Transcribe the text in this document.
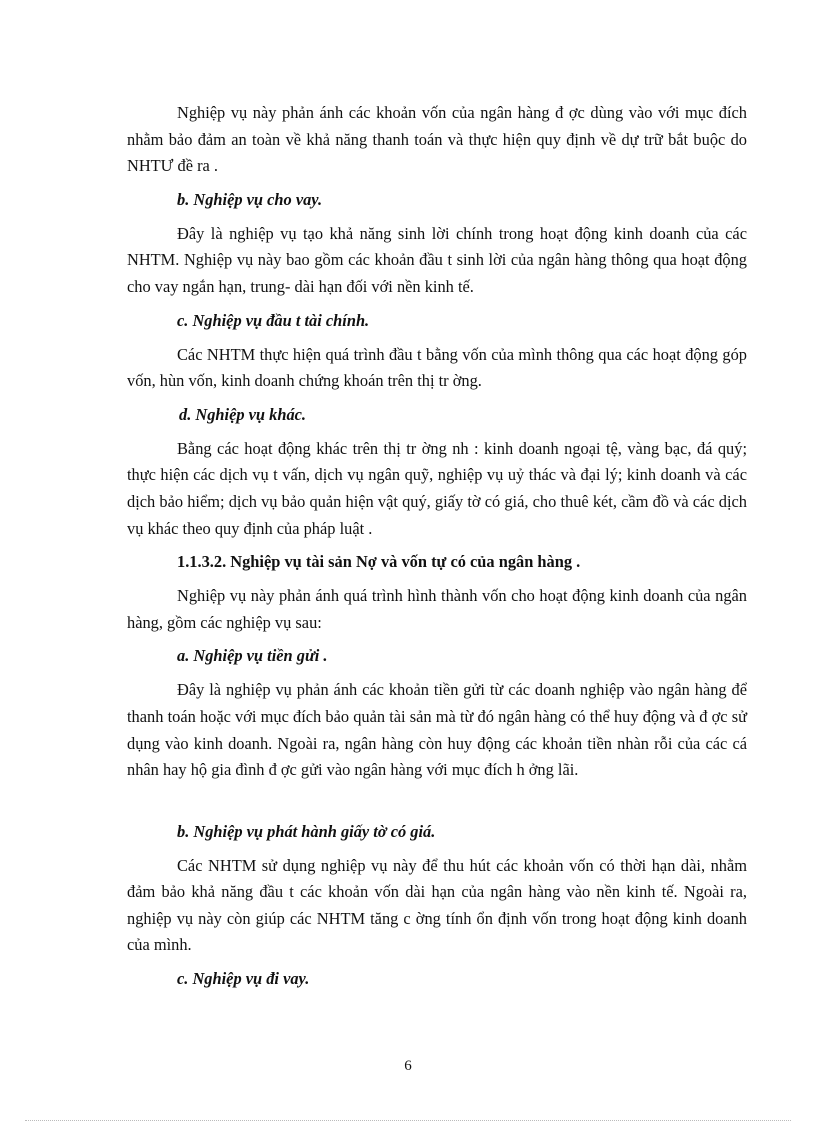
Nghiệp vụ này phản ánh các khoản vốn của ngân hàng đ ợc dùng vào với mục đích nhằm bảo đảm an toàn về khả năng thanh toán và thực hiện quy định về dự trữ bắt buộc do NHTƯ đề ra .

b. Nghiệp vụ cho vay.

Đây là nghiệp vụ tạo khả năng sinh lời chính trong hoạt động kinh doanh của các NHTM. Nghiệp vụ này bao gồm các khoản đầu t sinh lời của ngân hàng thông qua hoạt động cho vay ngắn hạn, trung- dài hạn đối với nền kinh tế.

c. Nghiệp vụ đầu t tài chính.

Các NHTM thực hiện quá trình đầu t bằng vốn của mình thông qua các hoạt động góp vốn, hùn vốn, kinh doanh chứng khoán trên thị tr ờng.

d. Nghiệp vụ khác.

Bằng các hoạt động khác trên thị tr ờng nh : kinh doanh ngoại tệ, vàng bạc, đá quý; thực hiện các dịch vụ t vấn, dịch vụ ngân quỹ, nghiệp vụ uỷ thác và đại lý; kinh doanh và các dịch bảo hiểm; dịch vụ bảo quản hiện vật quý, giấy tờ có giá, cho thuê két, cầm đồ và các dịch vụ khác theo quy định của pháp luật .

1.1.3.2. Nghiệp vụ tài sản Nợ và vốn tự có của ngân hàng .

Nghiệp vụ này phản ánh quá trình hình thành vốn cho hoạt động kinh doanh của ngân hàng, gồm các nghiệp vụ sau:

a. Nghiệp vụ tiền gửi .

Đây là nghiệp vụ phản ánh các khoản tiền gửi từ các doanh nghiệp vào ngân hàng để thanh toán hoặc với mục đích bảo quản tài sản mà từ đó ngân hàng có thể huy động và đ ợc sử dụng vào kinh doanh. Ngoài ra, ngân hàng còn huy động các khoản tiền nhàn rỗi của các cá nhân hay hộ gia đình đ ợc gửi vào ngân hàng với mục đích h ởng lãi.

b. Nghiệp vụ phát hành giấy tờ có giá.

Các NHTM sử dụng nghiệp vụ này để thu hút các khoản vốn có thời hạn dài, nhằm đảm bảo khả năng đầu t các khoản vốn dài hạn của ngân hàng vào nền kinh tế. Ngoài ra, nghiệp vụ này còn giúp các NHTM tăng c ờng tính ổn định vốn trong hoạt động kinh doanh của mình.

c. Nghiệp vụ đi vay.
6
